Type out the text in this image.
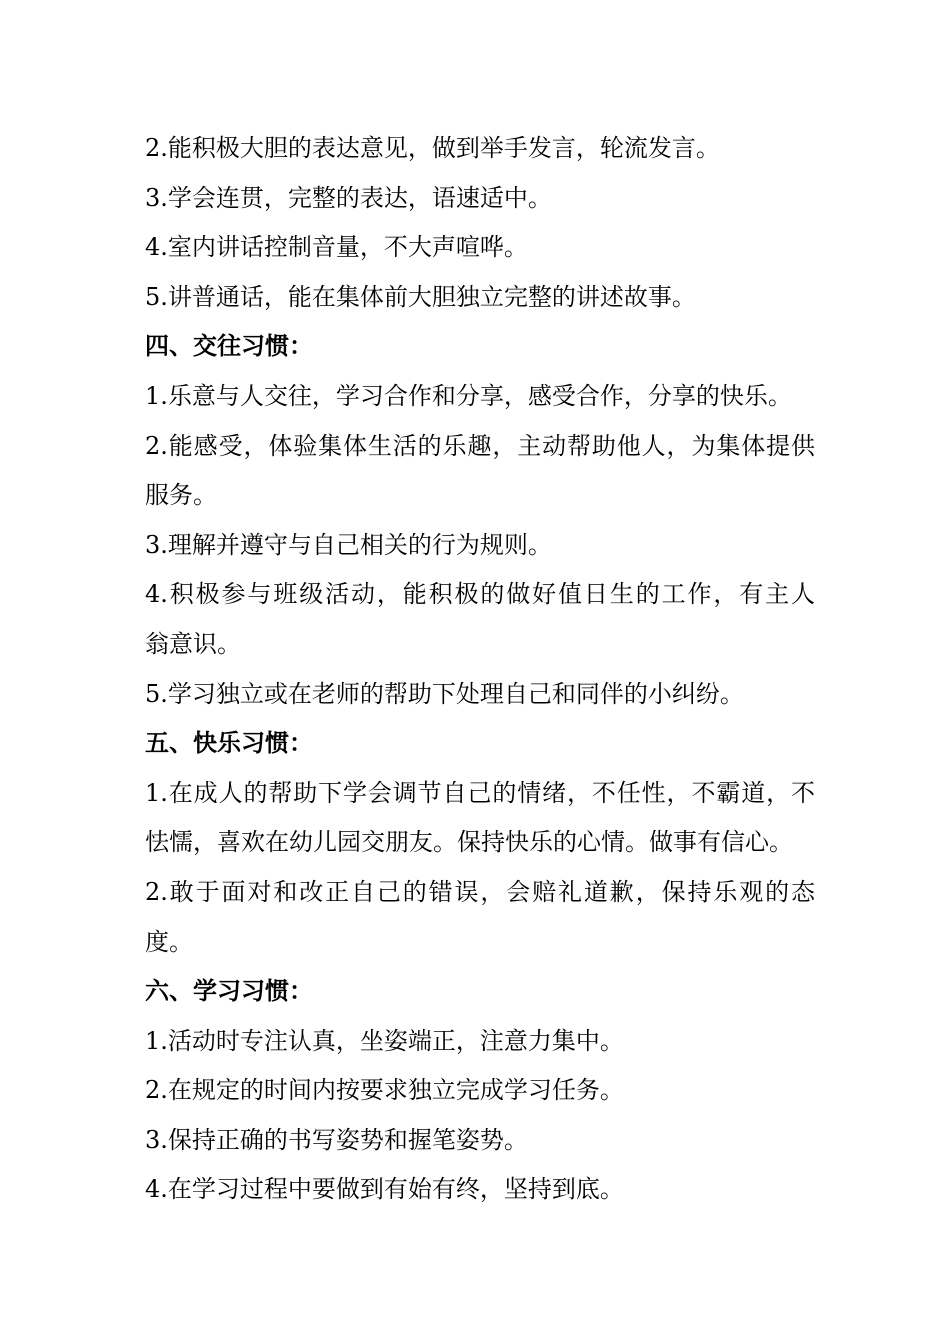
2.能积极大胆的表达意见，做到举手发言，轮流发言。
3.学会连贯，完整的表达，语速适中。
4.室内讲话控制音量，不大声喧哗。
5.讲普通话，能在集体前大胆独立完整的讲述故事。
四、交往习惯：
1.乐意与人交往，学习合作和分享，感受合作，分享的快乐。
2.能感受，体验集体生活的乐趣，主动帮助他人，为集体提供
服务。
3.理解并遵守与自己相关的行为规则。
4.积极参与班级活动，能积极的做好值日生的工作，有主人
翁意识。
5.学习独立或在老师的帮助下处理自己和同伴的小纠纷。
五、快乐习惯：
1.在成人的帮助下学会调节自己的情绪，不任性，不霸道，不
怯懦，喜欢在幼儿园交朋友。保持快乐的心情。做事有信心。
2.敢于面对和改正自己的错误，会赔礼道歉，保持乐观的态
度。
六、学习习惯：
1.活动时专注认真，坐姿端正，注意力集中。
2.在规定的时间内按要求独立完成学习任务。
3.保持正确的书写姿势和握笔姿势。
4.在学习过程中要做到有始有终，坚持到底。
